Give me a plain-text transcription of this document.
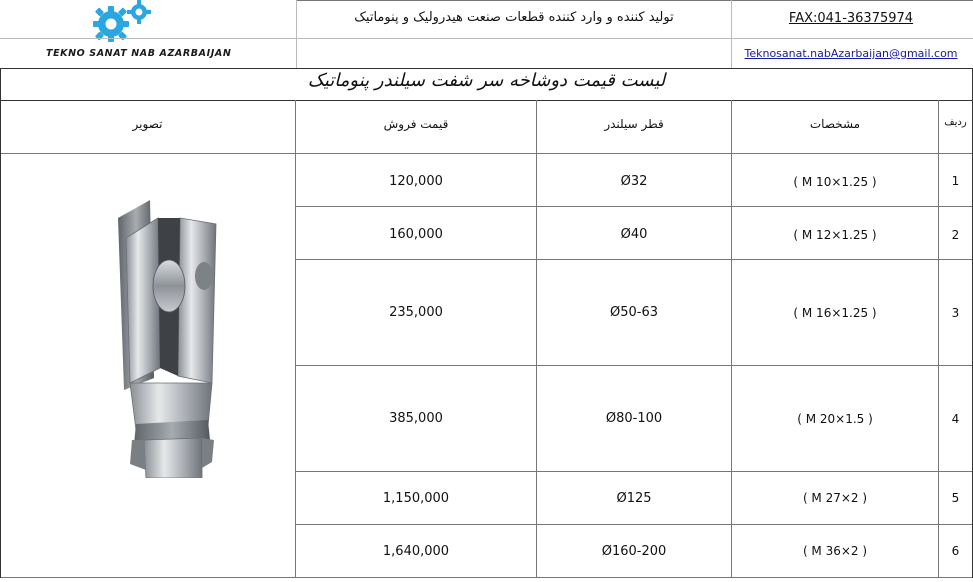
TEKNO SANAT NAB AZARBAIJAN
تولید کننده و وارد کننده قطعات صنعت هیدرولیک و پنوماتیک	FAX:041-36375974
Teknosanat.nabAzarbaijan@gmail.com
لیست قیمت دوشاخه سر شفت سیلندر پنوماتیک
تصویر	قیمت فروش	قطر سیلندر	مشخصات	ردیف
120,000	Ø32	( M 10×1.25 )	1
160,000	Ø40	( M 12×1.25 )	2
235,000	Ø50-63	( M 16×1.25 )	3
385,000	Ø80-100	( M 20×1.5 )	4
1,150,000	Ø125	( M 27×2 )	5
1,640,000	Ø160-200	( M 36×2 )	6
